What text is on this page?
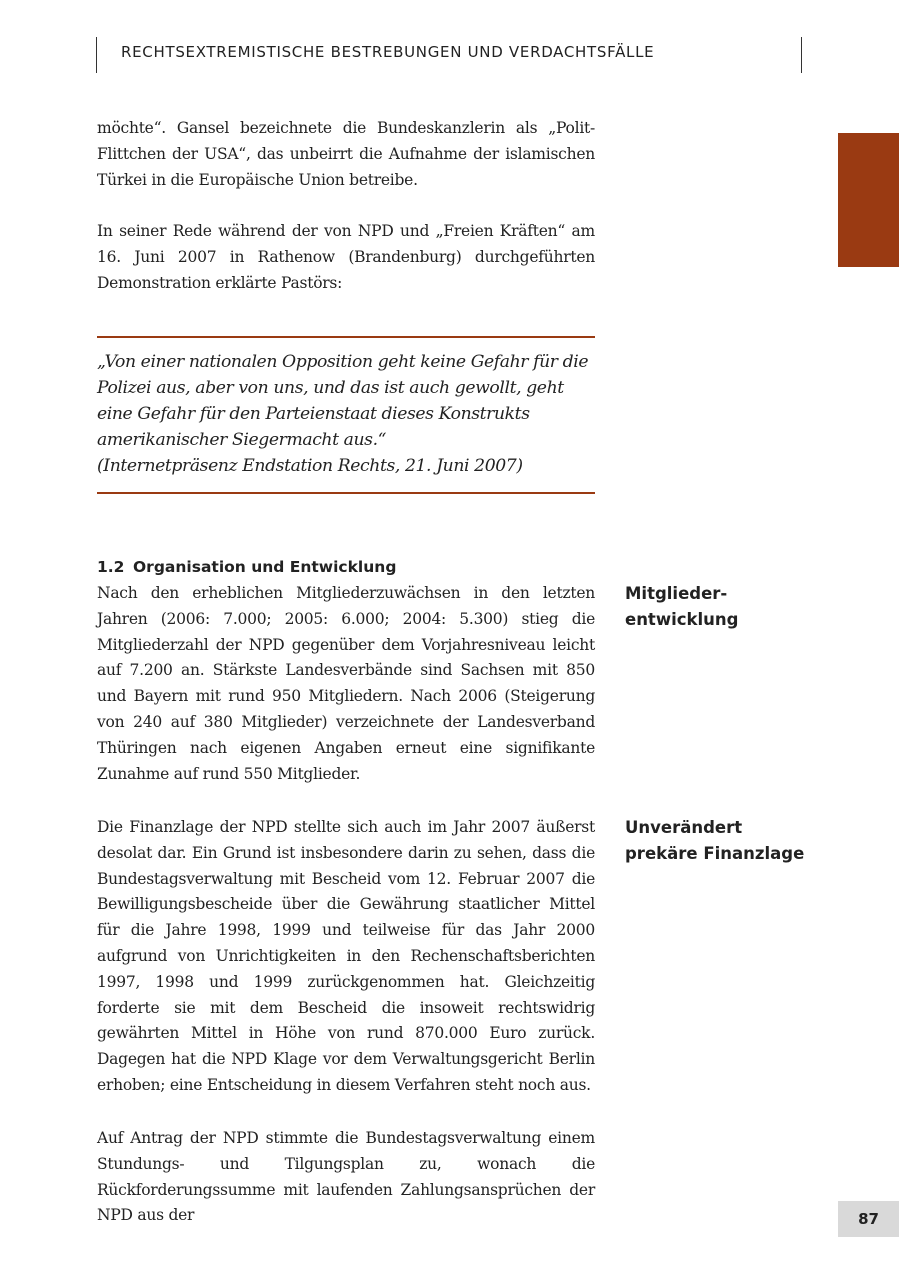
RECHTSEXTREMISTISCHE BESTREBUNGEN UND VERDACHTSFÄLLE

möchte“. Gansel bezeichnete die Bundeskanzlerin als „Polit-Flittchen der USA“, das unbeirrt die Aufnahme der islamischen Türkei in die Europäische Union betreibe.

In seiner Rede während der von NPD und „Freien Kräften“ am 16. Juni 2007 in Rathenow (Brandenburg) durchgeführten Demonstration erklärte Pastörs:

„Von einer nationalen Opposition geht keine Gefahr für die Polizei aus, aber von uns, und das ist auch gewollt, geht eine Gefahr für den Parteienstaat dieses Konstrukts amerikanischer Siegermacht aus.“
(Internetpräsenz Endstation Rechts, 21. Juni 2007)
1.2 Organisation und Entwicklung

Nach den erheblichen Mitgliederzuwächsen in den letzten Jahren (2006: 7.000; 2005: 6.000; 2004: 5.300) stieg die Mitgliederzahl der NPD gegenüber dem Vorjahresniveau leicht auf 7.200 an. Stärkste Landesverbände sind Sachsen mit 850 und Bayern mit rund 950 Mitgliedern. Nach 2006 (Steigerung von 240 auf 380 Mitglieder) verzeichnete der Landesverband Thüringen nach eigenen Angaben erneut eine signifikante Zunahme auf rund 550 Mitglieder.

Die Finanzlage der NPD stellte sich auch im Jahr 2007 äußerst desolat dar. Ein Grund ist insbesondere darin zu sehen, dass die Bundestagsverwaltung mit Bescheid vom 12. Februar 2007 die Bewilligungsbescheide über die Gewährung staatlicher Mittel für die Jahre 1998, 1999 und teilweise für das Jahr 2000 aufgrund von Unrichtigkeiten in den Rechenschaftsberichten 1997, 1998 und 1999 zurückgenommen hat. Gleichzeitig forderte sie mit dem Bescheid die insoweit rechtswidrig gewährten Mittel in Höhe von rund 870.000 Euro zurück. Dagegen hat die NPD Klage vor dem Verwaltungsgericht Berlin erhoben; eine Entscheidung in diesem Verfahren steht noch aus.

Auf Antrag der NPD stimmte die Bundestagsverwaltung einem Stundungs- und Tilgungsplan zu, wonach die Rückforderungssumme mit laufenden Zahlungsansprüchen der NPD aus der

Mitgliederentwicklung
Unverändert prekäre Finanzlage
87
